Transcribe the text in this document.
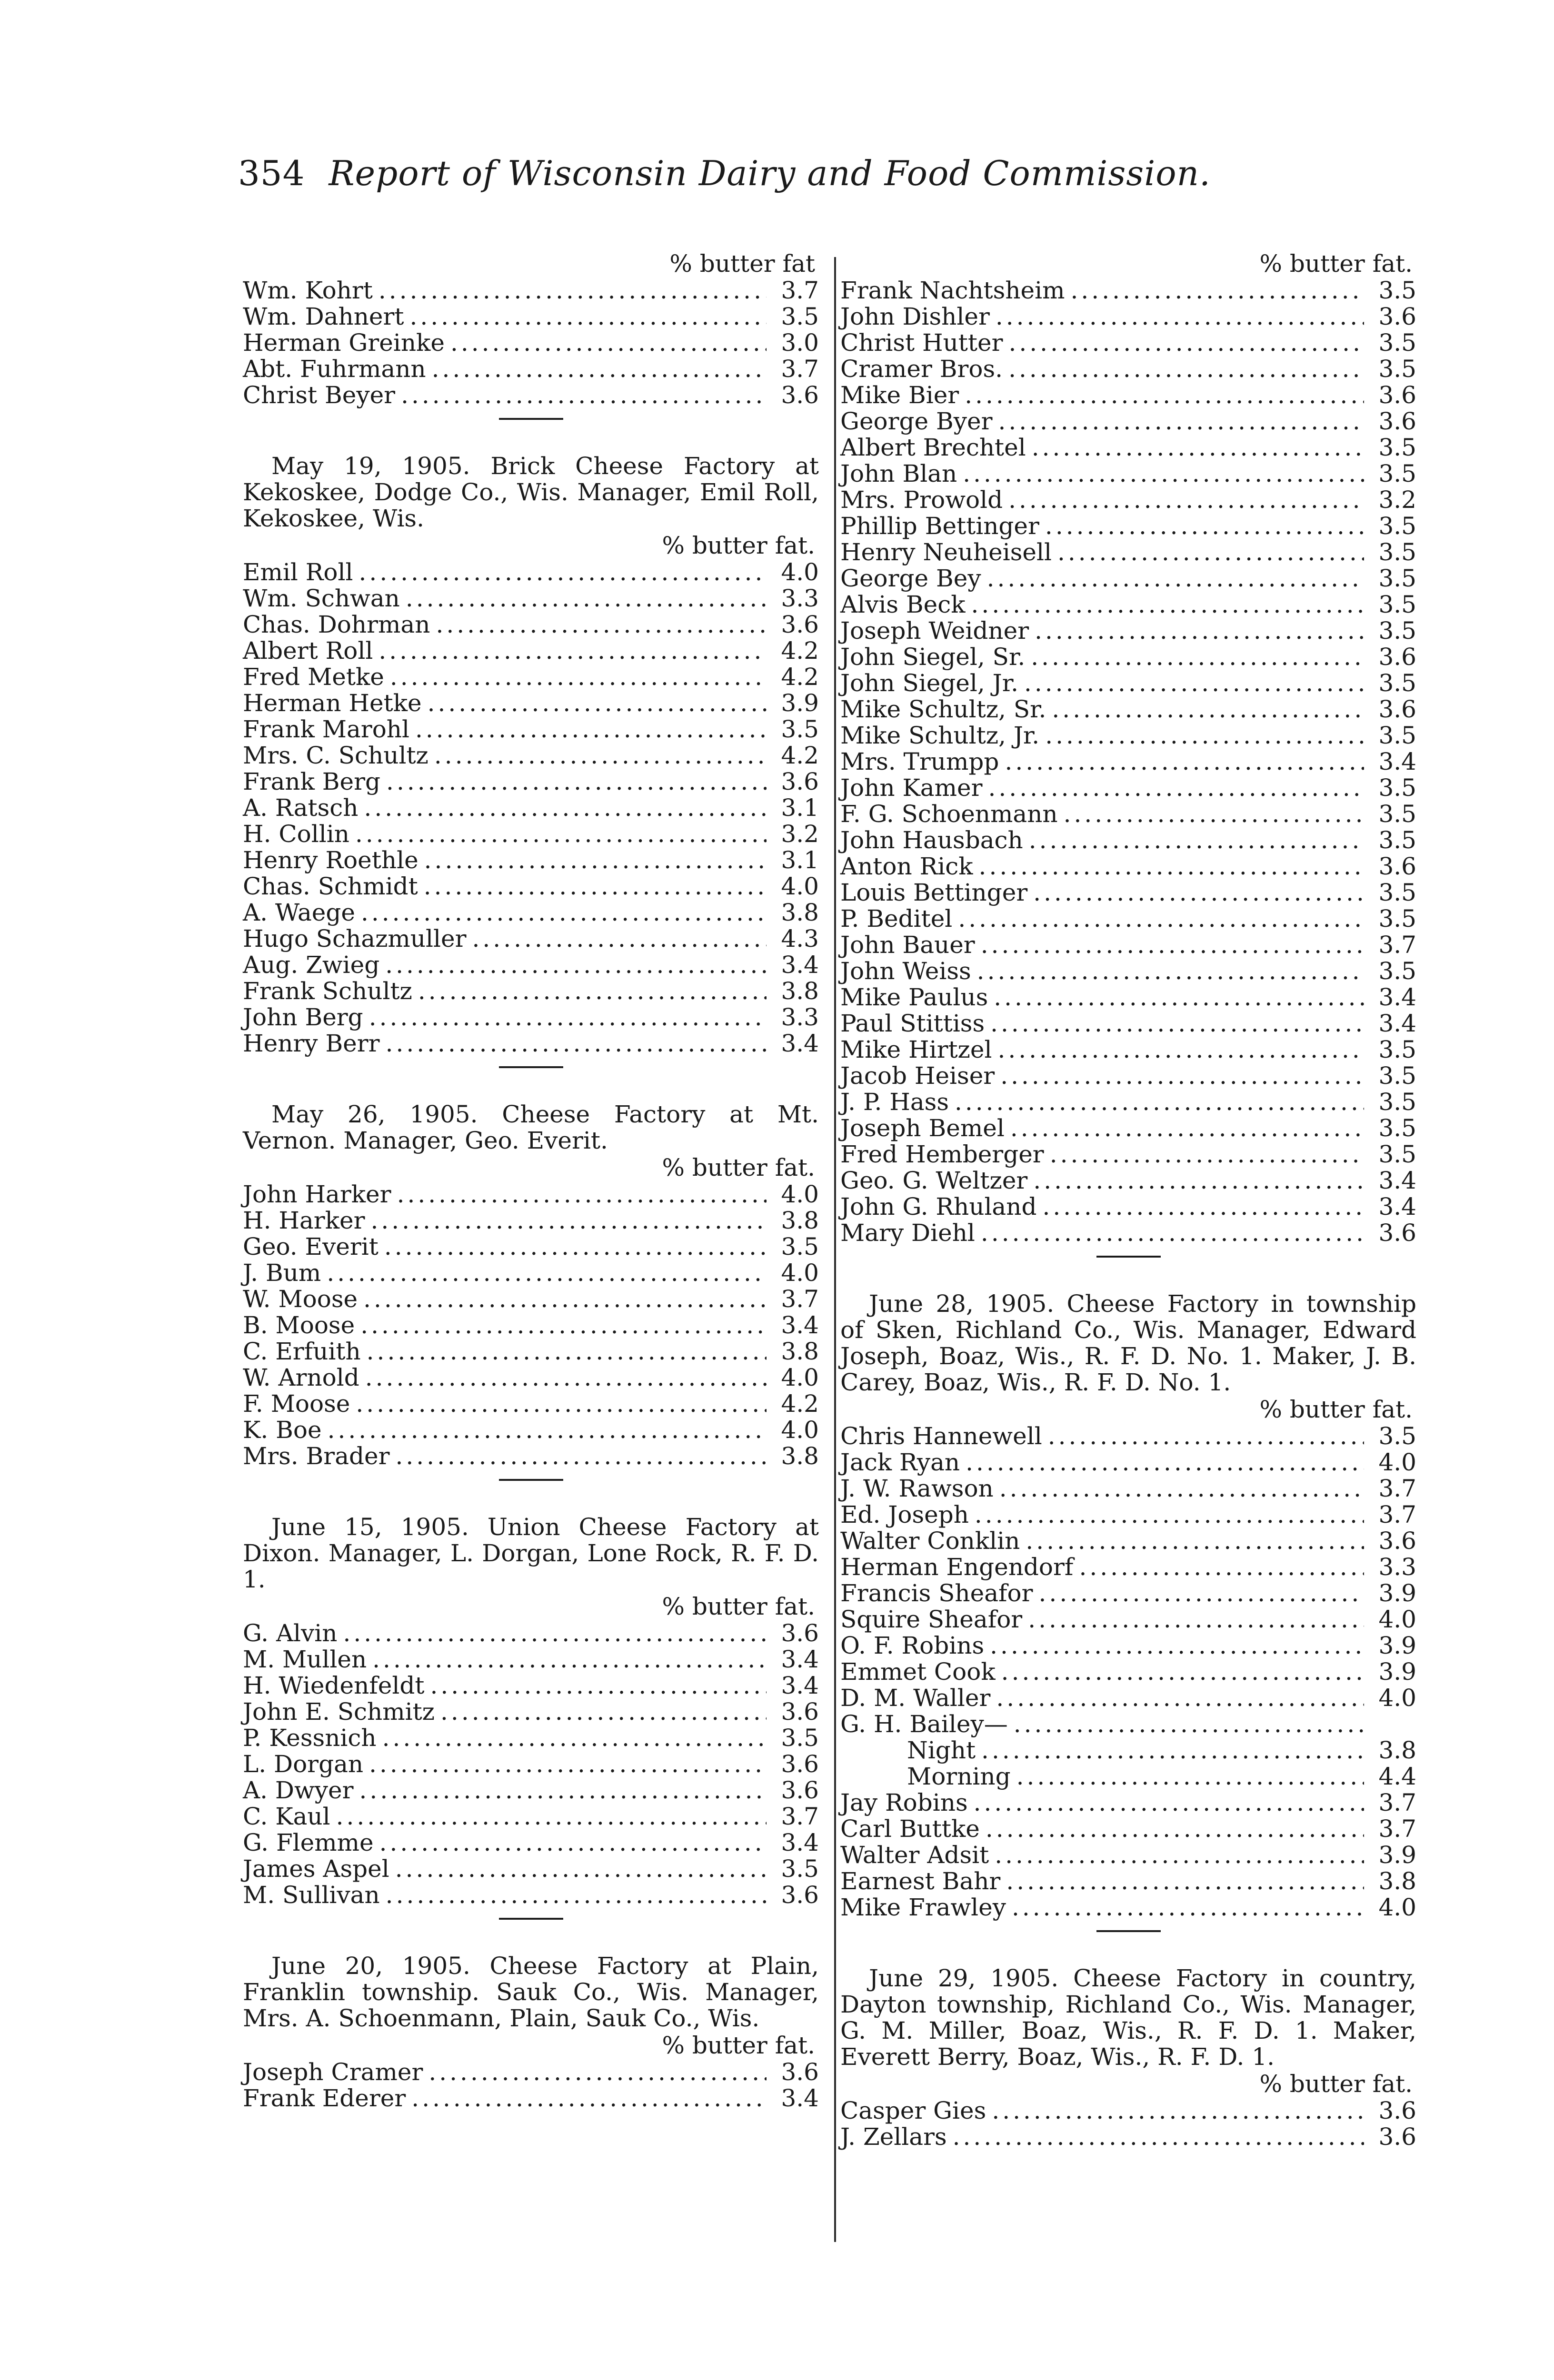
354 Report of Wisconsin Dairy and Food Commission.
% butter fat
Wm. Kohrt .....	3.7
Wm. Dahnert .....	3.5
Herman Greinke .....	3.0
Abt. Fuhrmann .....	3.7
Christ Beyer .....	3.6

May 19, 1905. Brick Cheese Factory at Kekoskee, Dodge Co., Wis. Manager, Emil Roll, Kekoskee, Wis.

% butter fat.
Emil Roll .....	4.0
Wm. Schwan .....	3.3
Chas. Dohrman .....	3.6
Albert Roll .....	4.2
Fred Metke .....	4.2
Herman Hetke .....	3.9
Frank Marohl .....	3.5
Mrs. C. Schultz .....	4.2
Frank Berg .....	3.6
A. Ratsch .....	3.1
H. Collin .....	3.2
Henry Roethle .....	3.1
Chas. Schmidt .....	4.0
A. Waege .....	3.8
Hugo Schazmuller .....	4.3
Aug. Zwieg .....	3.4
Frank Schultz .....	3.8
John Berg .....	3.3
Henry Berr .....	3.4

May 26, 1905. Cheese Factory at Mt. Vernon. Manager, Geo. Everit.

% butter fat.
John Harker .....	4.0
H. Harker .....	3.8
Geo. Everit .....	3.5
J. Bum .....	4.0
W. Moose .....	3.7
B. Moose .....	3.4
C. Erfuith .....	3.8
W. Arnold .....	4.0
F. Moose .....	4.2
K. Boe .....	4.0
Mrs. Brader .....	3.8

June 15, 1905. Union Cheese Factory at Dixon. Manager, L. Dorgan, Lone Rock, R. F. D. 1.

% butter fat.
G. Alvin .....	3.6
M. Mullen .....	3.4
H. Wiedenfeldt .....	3.4
John E. Schmitz .....	3.6
P. Kessnich .....	3.5
L. Dorgan .....	3.6
A. Dwyer .....	3.6
C. Kaul .....	3.7
G. Flemme .....	3.4
James Aspel .....	3.5
M. Sullivan .....	3.6

June 20, 1905. Cheese Factory at Plain, Franklin township. Sauk Co., Wis. Manager, Mrs. A. Schoenmann, Plain, Sauk Co., Wis.

% butter fat.
Joseph Cramer .....	3.6
Frank Ederer .....	3.4
% butter fat.
Frank Nachtsheim .....	3.5
John Dishler .....	3.6
Christ Hutter .....	3.5
Cramer Bros. .....	3.5
Mike Bier .....	3.6
George Byer .....	3.6
Albert Brechtel .....	3.5
John Blan .....	3.5
Mrs. Prowold .....	3.2
Phillip Bettinger .....	3.5
Henry Neuheisell .....	3.5
George Bey .....	3.5
Alvis Beck .....	3.5
Joseph Weidner .....	3.5
John Siegel, Sr. .....	3.6
John Siegel, Jr. .....	3.5
Mike Schultz, Sr. .....	3.6
Mike Schultz, Jr. .....	3.5
Mrs. Trumpp .....	3.4
John Kamer .....	3.5
F. G. Schoenmann .....	3.5
John Hausbach .....	3.5
Anton Rick .....	3.6
Louis Bettinger .....	3.5
P. Beditel .....	3.5
John Bauer .....	3.7
John Weiss .....	3.5
Mike Paulus .....	3.4
Paul Stittiss .....	3.4
Mike Hirtzel .....	3.5
Jacob Heiser .....	3.5
J. P. Hass .....	3.5
Joseph Bemel .....	3.5
Fred Hemberger .....	3.5
Geo. G. Weltzer .....	3.4
John G. Rhuland .....	3.4
Mary Diehl .....	3.6

June 28, 1905. Cheese Factory in township of Sken, Richland Co., Wis. Manager, Edward Joseph, Boaz, Wis., R. F. D. No. 1. Maker, J. B. Carey, Boaz, Wis., R. F. D. No. 1.

% butter fat.
Chris Hannewell .....	3.5
Jack Ryan .....	4.0
J. W. Rawson .....	3.7
Ed. Joseph .....	3.7
Walter Conklin .....	3.6
Herman Engendorf .....	3.3
Francis Sheafor .....	3.9
Squire Sheafor .....	4.0
O. F. Robins .....	3.9
Emmet Cook .....	3.9
D. M. Waller .....	4.0
G. H. Bailey—
.....
Night .....	3.8
Morning .....	4.4
Jay Robins .....	3.7
Carl Buttke .....	3.7
Walter Adsit .....	3.9
Earnest Bahr .....	3.8
Mike Frawley .....	4.0

June 29, 1905. Cheese Factory in country, Dayton township, Richland Co., Wis. Manager, G. M. Miller, Boaz, Wis., R. F. D. 1. Maker, Everett Berry, Boaz, Wis., R. F. D. 1.

% butter fat.
Casper Gies .....	3.6
J. Zellars .....	3.6
